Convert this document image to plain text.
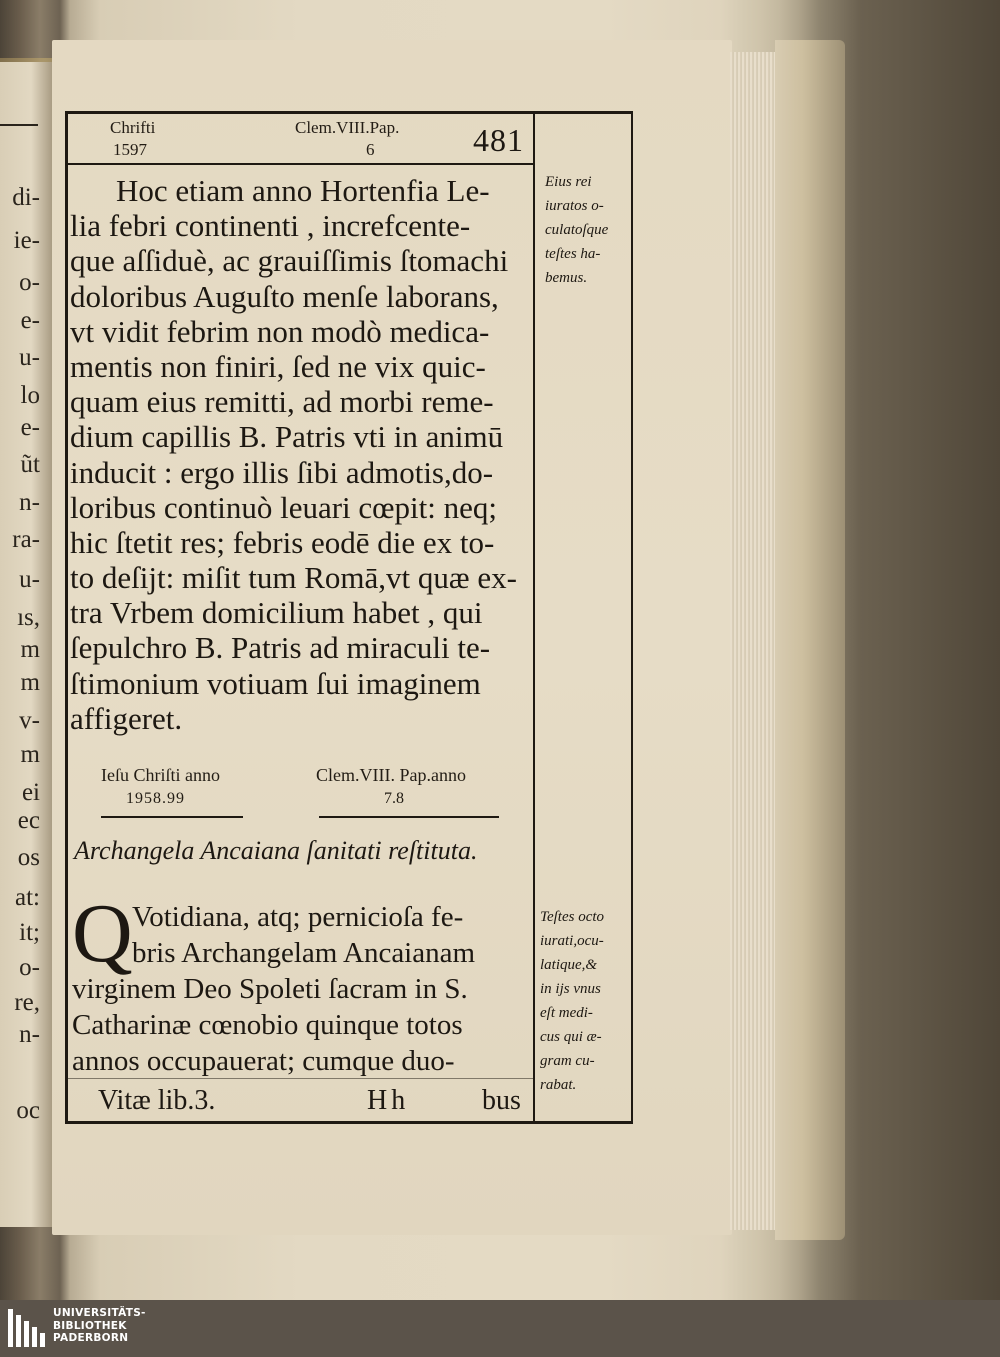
di-
ie-
o-
e-
u-
lo
e-
ũt
n-
ra-
u-
ıs,
m
m
v-
m
ei
ec
os
at:
it;
o-
re,
n-
oc
Chrifti
1597
Clem.VIII.Pap.
6	481
Hoc etiam anno Hortenfia Le-
lia febri continenti , increfcente-
que aſſiduè, ac grauiſſimis ſtomachi
doloribus Auguſto menſe laborans,
vt vidit febrim non modò medica-
mentis non finiri, ſed ne vix quic-
quam eius remitti, ad morbi reme-
dium capillis B. Patris vti in animū
inducit : ergo illis ſibi admotis,do-
loribus continuò leuari cœpit: neq;
hic ſtetit res; febris eodē die ex to-
to deſijt: miſit tum Romā,vt quæ ex-
tra Vrbem domicilium habet , qui
ſepulchro B. Patris ad miraculi te-
ſtimonium votiuam ſui imaginem
affigeret.
Eius rei
iuratos o-
culatoſque
teſtes ha-
bemus.
Ieſu Chriſti anno
1958.99
Clem.VIII. Pap.anno
7.8
Archangela Ancaiana ſanitati reſtituta.
Q Votidiana, atq; pernicioſa fe-
bris Archangelam Ancaianam
virginem Deo Spoleti ſacram in S.
Catharinæ cœnobio quinque totos
annos occupauerat; cumque duo-
Teſtes octo
iurati,ocu-
latique,&
in ijs vnus
eſt medi-
cus qui æ-
gram cu-
rabat.
Vitæ lib.3.	Hh	bus
UNIVERSITÄTS-
BIBLIOTHEK
PADERBORN
